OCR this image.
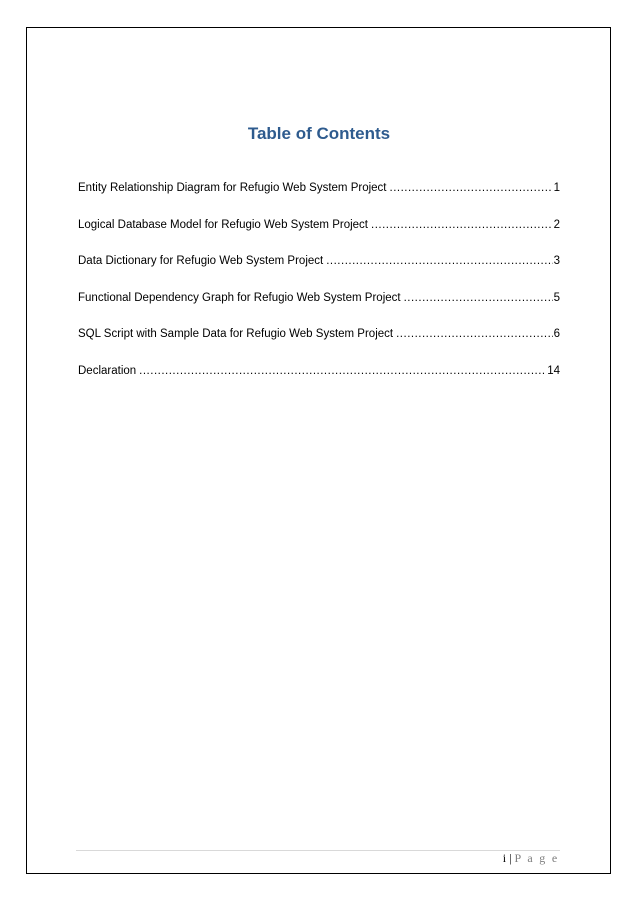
Table of Contents
Entity Relationship Diagram for Refugio Web System Project .....	1
Logical Database Model for Refugio Web System Project .....	2
Data Dictionary for Refugio Web System Project .....	3
Functional Dependency Graph for Refugio Web System Project .....	5
SQL Script with Sample Data for Refugio Web System Project .....	6
Declaration .....	14
i | P a g e
